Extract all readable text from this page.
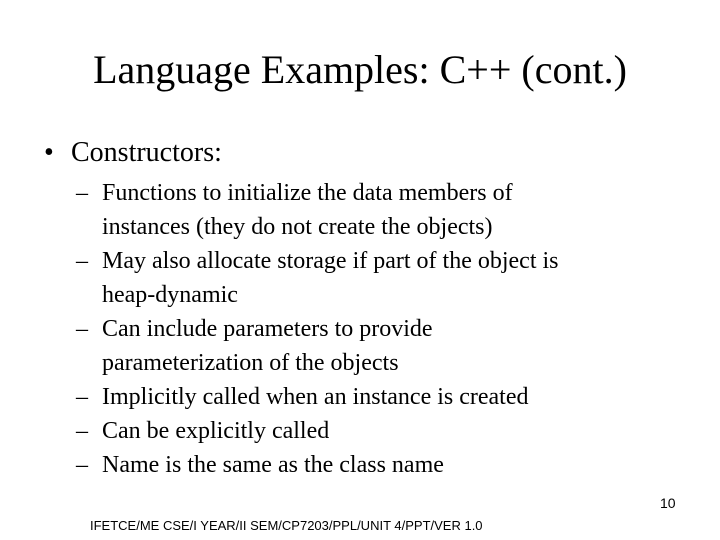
Language Examples: C++ (cont.)
• Constructors:
– Functions to initialize the data members of
instances (they do not create the objects)
– May also allocate storage if part of the object is
heap-dynamic
– Can include parameters to provide
parameterization of the objects
– Implicitly called when an instance is created
– Can be explicitly called
– Name is the same as the class name
10
IFETCE/ME CSE/I YEAR/II SEM/CP7203/PPL/UNIT 4/PPT/VER 1.0
